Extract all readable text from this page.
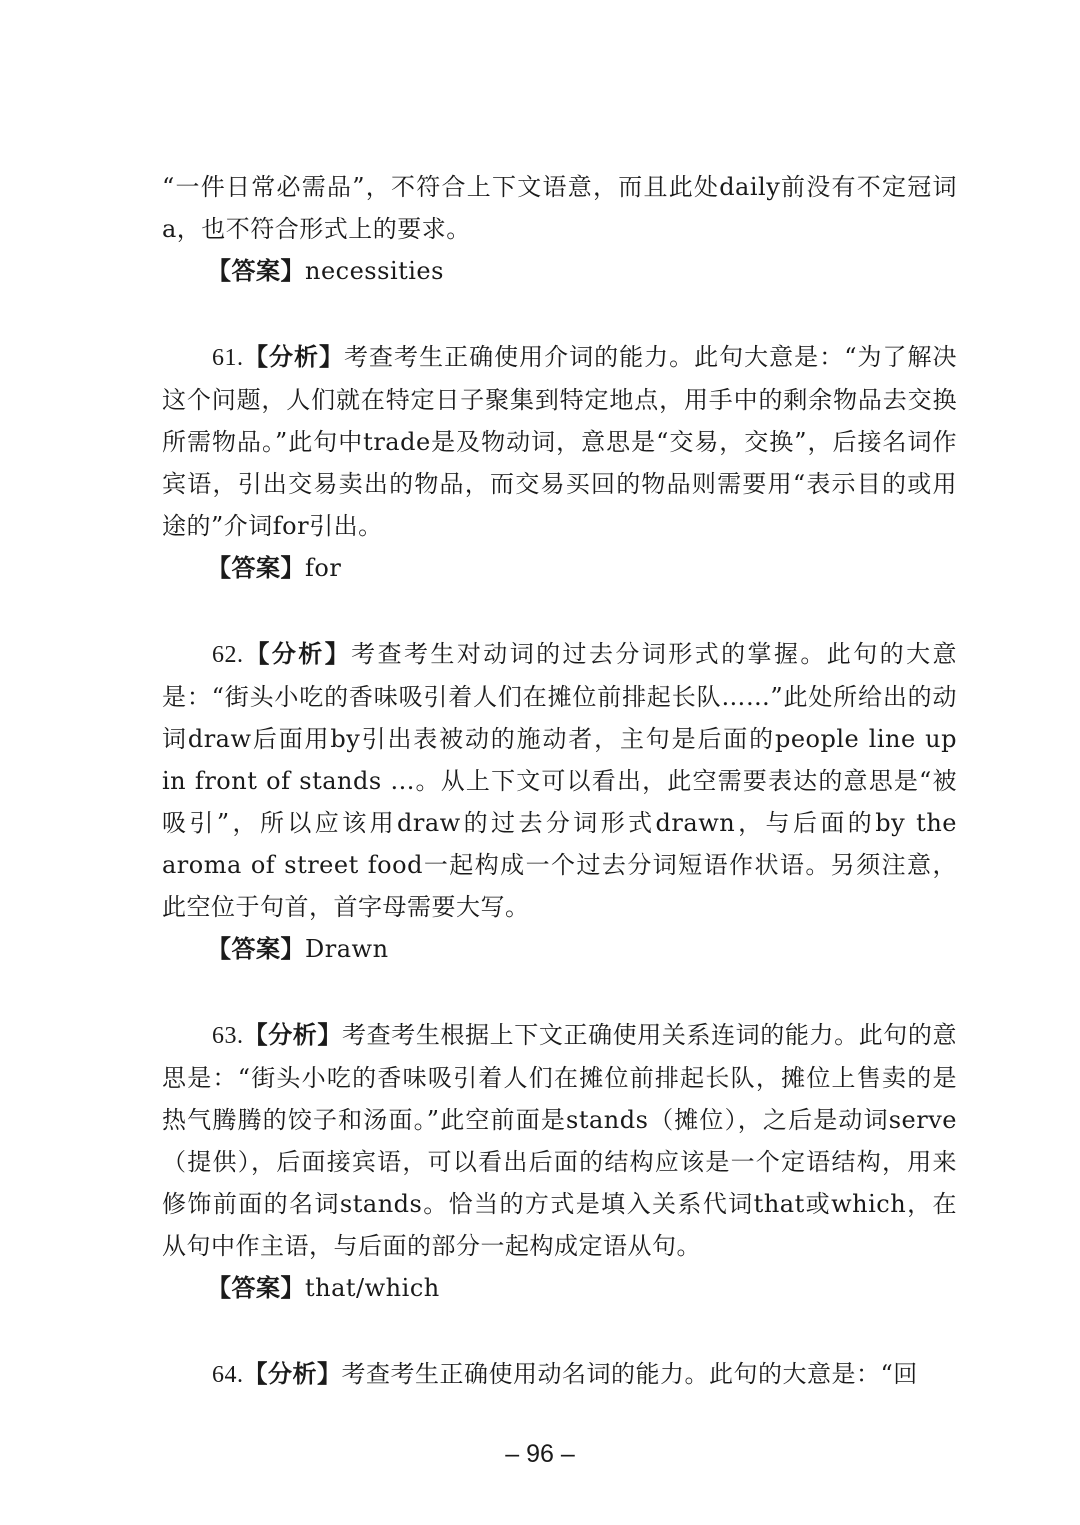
“一件日常必需品”，不符合上下文语意，而且此处daily前没有不定冠词a，也不符合形式上的要求。

【答案】necessities

61.【分析】考查考生正确使用介词的能力。此句大意是：“为了解决这个问题，人们就在特定日子聚集到特定地点，用手中的剩余物品去交换所需物品。”此句中trade是及物动词，意思是“交易，交换”，后接名词作宾语，引出交易卖出的物品，而交易买回的物品则需要用“表示目的或用途的”介词for引出。

【答案】for

62.【分析】考查考生对动词的过去分词形式的掌握。此句的大意是：“街头小吃的香味吸引着人们在摊位前排起长队……”此处所给出的动词draw后面用by引出表被动的施动者，主句是后面的people line up in front of stands ...。从上下文可以看出，此空需要表达的意思是“被吸引”，所以应该用draw的过去分词形式drawn，与后面的by the aroma of street food一起构成一个过去分词短语作状语。另须注意，此空位于句首，首字母需要大写。

【答案】Drawn

63.【分析】考查考生根据上下文正确使用关系连词的能力。此句的意思是：“街头小吃的香味吸引着人们在摊位前排起长队，摊位上售卖的是热气腾腾的饺子和汤面。”此空前面是stands（摊位），之后是动词serve（提供），后面接宾语，可以看出后面的结构应该是一个定语结构，用来修饰前面的名词stands。恰当的方式是填入关系代词that或which，在从句中作主语，与后面的部分一起构成定语从句。

【答案】that/which

64.【分析】考查考生正确使用动名词的能力。此句的大意是：“回

– 96 –
